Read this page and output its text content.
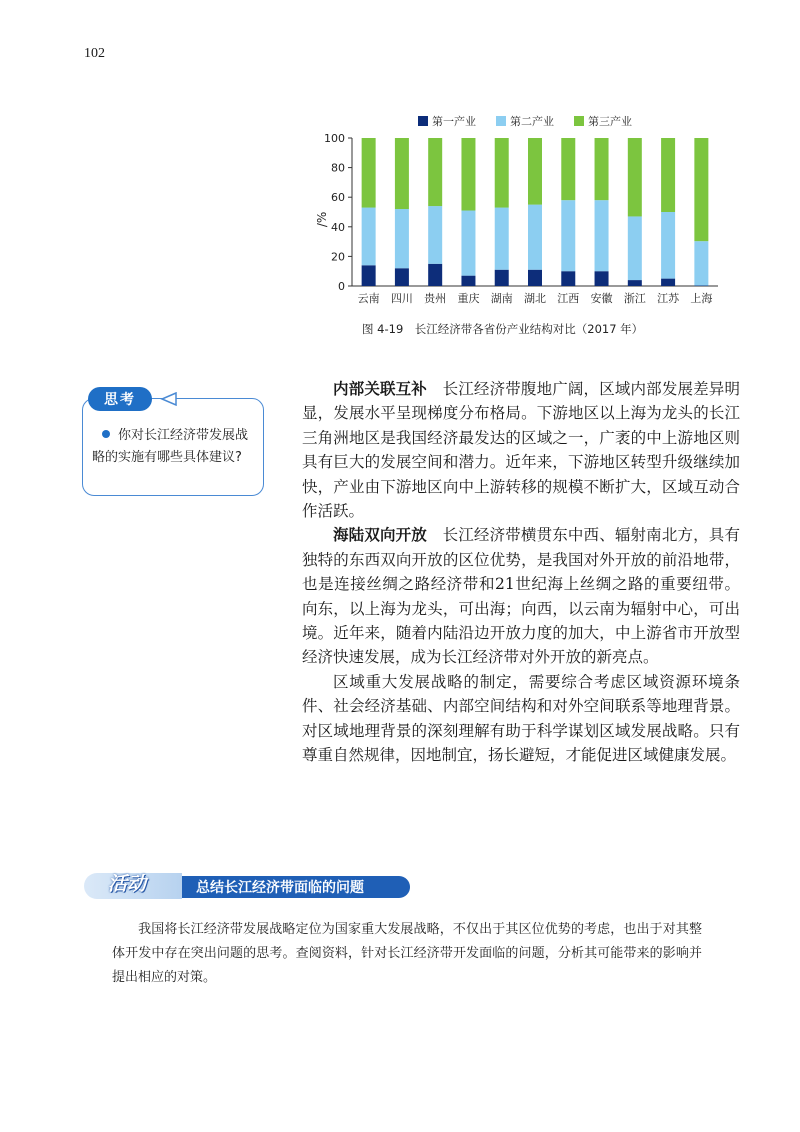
102
第一产业	第二产业	第三产业
0
20
40
60
80
100
/%
云南 四川 贵州 重庆 湖南 湖北 江西 安徽 浙江 江苏 上海
图 4-19　长江经济带各省份产业结构对比（2017 年）
思考
你对长江经济带发展战略的实施有哪些具体建议?

内部关联互补　长江经济带腹地广阔，区域内部发展差异明显，发展水平呈现梯度分布格局。下游地区以上海为龙头的长江三角洲地区是我国经济最发达的区域之一，广袤的中上游地区则具有巨大的发展空间和潜力。近年来，下游地区转型升级继续加快，产业由下游地区向中上游转移的规模不断扩大，区域互动合作活跃。

海陆双向开放　长江经济带横贯东中西、辐射南北方，具有独特的东西双向开放的区位优势，是我国对外开放的前沿地带，也是连接丝绸之路经济带和21世纪海上丝绸之路的重要纽带。向东，以上海为龙头，可出海；向西，以云南为辐射中心，可出境。近年来，随着内陆沿边开放力度的加大，中上游省市开放型经济快速发展，成为长江经济带对外开放的新亮点。

区域重大发展战略的制定，需要综合考虑区域资源环境条件、社会经济基础、内部空间结构和对外空间联系等地理背景。对区域地理背景的深刻理解有助于科学谋划区域发展战略。只有尊重自然规律，因地制宜，扬长避短，才能促进区域健康发展。

活动	总结长江经济带面临的问题
我国将长江经济带发展战略定位为国家重大发展战略，不仅出于其区位优势的考虑，也出于对其整体开发中存在突出问题的思考。查阅资料，针对长江经济带开发面临的问题，分析其可能带来的影响并提出相应的对策。
